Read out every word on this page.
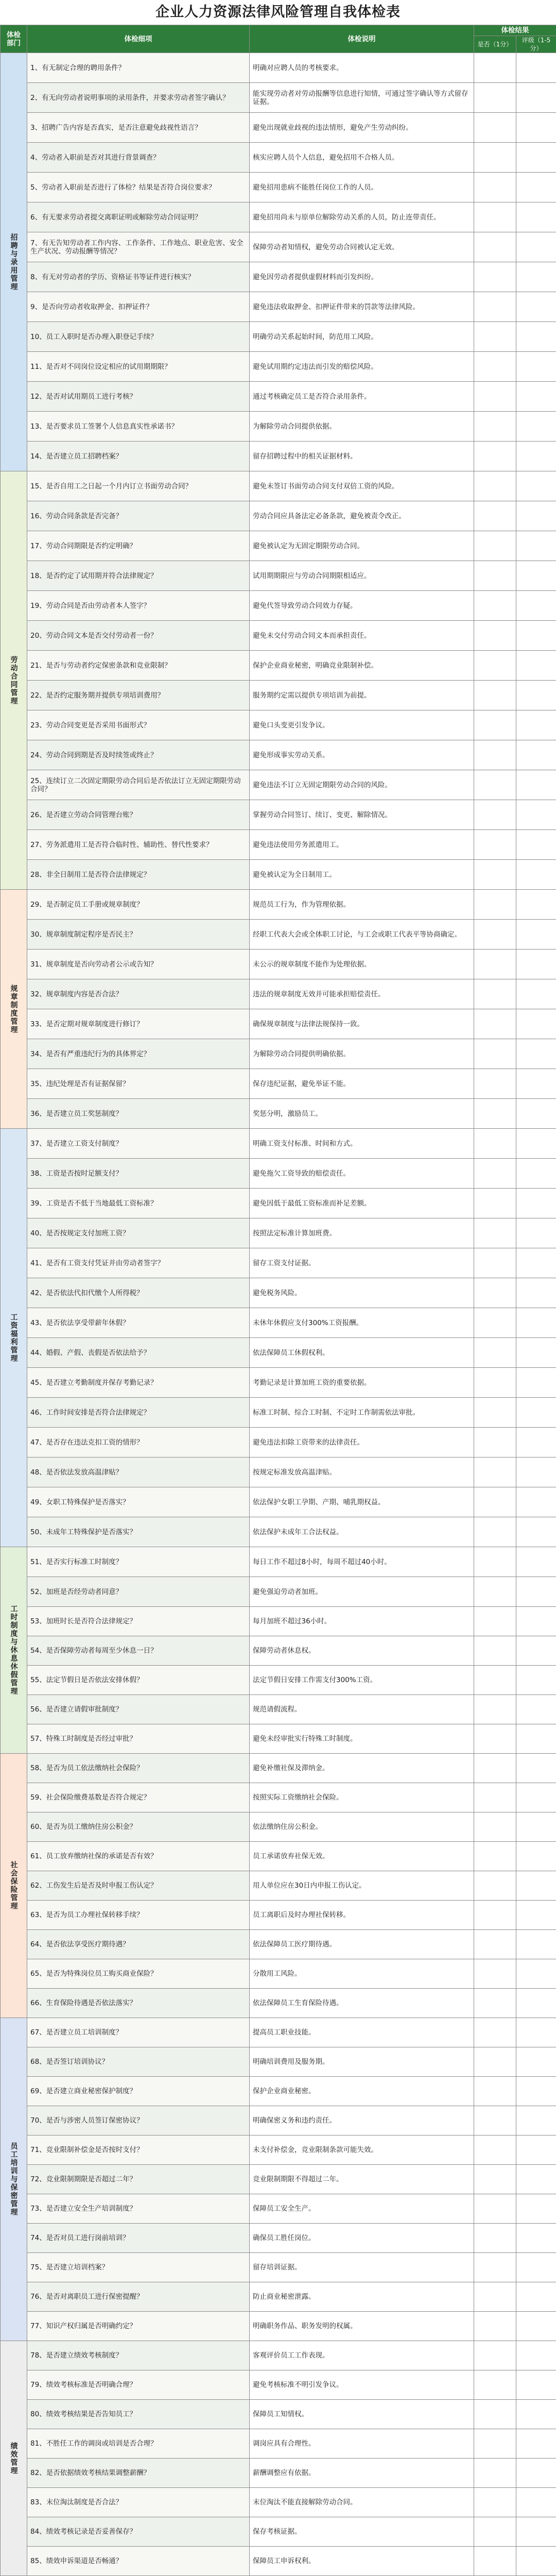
企业人力资源法律风险管理自我体检表
体检部门	体检细项	体检说明	体检结果	
			是否（1分）	评级（1-5分）
招聘与录用管理	1、有无制定合理的聘用条件？	明确对应聘人员的考核要求。		
	2、有无向劳动者说明事项的录用条件，并要求劳动者签字确认？	能实现劳动者对劳动报酬等信息进行知情，可通过签字确认等方式留存证据。		
	3、招聘广告内容是否真实，是否注意避免歧视性语言？	避免出现就业歧视的违法情形，避免产生劳动纠纷。		
	4、劳动者入职前是否对其进行背景调查？	核实应聘人员个人信息，避免招用不合格人员。		
	5、劳动者入职前是否进行了体检？结果是否符合岗位要求？	避免招用患病不能胜任岗位工作的人员。		
	6、有无要求劳动者提交离职证明或解除劳动合同证明？	避免招用尚未与原单位解除劳动关系的人员，防止连带责任。		
	7、有无告知劳动者工作内容、工作条件、工作地点、职业危害、安全生产状况、劳动报酬等情况？	保障劳动者知情权，避免劳动合同被认定无效。		
	8、有无对劳动者的学历、资格证书等证件进行核实？	避免因劳动者提供虚假材料而引发纠纷。		
	9、是否向劳动者收取押金、扣押证件？	避免违法收取押金、扣押证件带来的罚款等法律风险。		
	10、员工入职时是否办理入职登记手续？	明确劳动关系起始时间，防范用工风险。		
	11、是否对不同岗位设定相应的试用期期限？	避免试用期约定违法而引发的赔偿风险。		
	12、是否对试用期员工进行考核？	通过考核确定员工是否符合录用条件。		
	13、是否要求员工签署个人信息真实性承诺书？	为解除劳动合同提供依据。		
	14、是否建立员工招聘档案？	留存招聘过程中的相关证据材料。		
劳动合同管理	15、是否自用工之日起一个月内订立书面劳动合同？	避免未签订书面劳动合同支付双倍工资的风险。		
	16、劳动合同条款是否完备？	劳动合同应具备法定必备条款，避免被责令改正。		
	17、劳动合同期限是否约定明确？	避免被认定为无固定期限劳动合同。		
	18、是否约定了试用期并符合法律规定？	试用期期限应与劳动合同期限相适应。		
	19、劳动合同是否由劳动者本人签字？	避免代签导致劳动合同效力存疑。		
	20、劳动合同文本是否交付劳动者一份？	避免未交付劳动合同文本而承担责任。		
	21、是否与劳动者约定保密条款和竞业限制？	保护企业商业秘密，明确竞业限制补偿。		
	22、是否约定服务期并提供专项培训费用？	服务期约定需以提供专项培训为前提。		
	23、劳动合同变更是否采用书面形式？	避免口头变更引发争议。		
	24、劳动合同到期是否及时续签或终止？	避免形成事实劳动关系。		
	25、连续订立二次固定期限劳动合同后是否依法订立无固定期限劳动合同？	避免违法不订立无固定期限劳动合同的风险。		
	26、是否建立劳动合同管理台账？	掌握劳动合同签订、续订、变更、解除情况。		
	27、劳务派遣用工是否符合临时性、辅助性、替代性要求？	避免违法使用劳务派遣用工。		
	28、非全日制用工是否符合法律规定？	避免被认定为全日制用工。		
规章制度管理	29、是否制定员工手册或规章制度？	规范员工行为，作为管理依据。		
	30、规章制度制定程序是否民主？	经职工代表大会或全体职工讨论，与工会或职工代表平等协商确定。		
	31、规章制度是否向劳动者公示或告知？	未公示的规章制度不能作为处理依据。		
	32、规章制度内容是否合法？	违法的规章制度无效并可能承担赔偿责任。		
	33、是否定期对规章制度进行修订？	确保规章制度与法律法规保持一致。		
	34、是否有严重违纪行为的具体界定？	为解除劳动合同提供明确依据。		
	35、违纪处理是否有证据保留？	保存违纪证据，避免举证不能。		
	36、是否建立员工奖惩制度？	奖惩分明，激励员工。		
工资福利管理	37、是否建立工资支付制度？	明确工资支付标准、时间和方式。		
	38、工资是否按时足额支付？	避免拖欠工资导致的赔偿责任。		
	39、工资是否不低于当地最低工资标准？	避免因低于最低工资标准而补足差额。		
	40、是否按规定支付加班工资？	按照法定标准计算加班费。		
	41、是否有工资支付凭证并由劳动者签字？	留存工资支付证据。		
	42、是否依法代扣代缴个人所得税？	避免税务风险。		
	43、是否依法享受带薪年休假？	未休年休假应支付300%工资报酬。		
	44、婚假、产假、丧假是否依法给予？	依法保障员工休假权利。		
	45、是否建立考勤制度并保存考勤记录？	考勤记录是计算加班工资的重要依据。		
	46、工作时间安排是否符合法律规定？	标准工时制、综合工时制、不定时工作制需依法审批。		
	47、是否存在违法克扣工资的情形？	避免违法扣除工资带来的法律责任。		
	48、是否依法发放高温津贴？	按规定标准发放高温津贴。		
	49、女职工特殊保护是否落实？	依法保护女职工孕期、产期、哺乳期权益。		
	50、未成年工特殊保护是否落实？	依法保护未成年工合法权益。		
工时制度与休息休假管理	51、是否实行标准工时制度？	每日工作不超过8小时，每周不超过40小时。		
	52、加班是否经劳动者同意？	避免强迫劳动者加班。		
	53、加班时长是否符合法律规定？	每月加班不超过36小时。		
	54、是否保障劳动者每周至少休息一日？	保障劳动者休息权。		
	55、法定节假日是否依法安排休假？	法定节假日安排工作需支付300%工资。		
	56、是否建立请假审批制度？	规范请假流程。		
	57、特殊工时制度是否经过审批？	避免未经审批实行特殊工时制度。		
社会保险管理	58、是否为员工依法缴纳社会保险？	避免补缴社保及滞纳金。		
	59、社会保险缴费基数是否符合规定？	按照实际工资缴纳社会保险。		
	60、是否为员工缴纳住房公积金？	依法缴纳住房公积金。		
	61、员工放弃缴纳社保的承诺是否有效？	员工承诺放弃社保无效。		
	62、工伤发生后是否及时申报工伤认定？	用人单位应在30日内申报工伤认定。		
	63、是否为员工办理社保转移手续？	员工离职后及时办理社保转移。		
	64、是否依法享受医疗期待遇？	依法保障员工医疗期待遇。		
	65、是否为特殊岗位员工购买商业保险？	分散用工风险。		
	66、生育保险待遇是否依法落实？	依法保障员工生育保险待遇。		
员工培训与保密管理	67、是否建立员工培训制度？	提高员工职业技能。		
	68、是否签订培训协议？	明确培训费用及服务期。		
	69、是否建立商业秘密保护制度？	保护企业商业秘密。		
	70、是否与涉密人员签订保密协议？	明确保密义务和违约责任。		
	71、竞业限制补偿金是否按时支付？	未支付补偿金，竞业限制条款可能失效。		
	72、竞业限制期限是否超过二年？	竞业限制期限不得超过二年。		
	73、是否建立安全生产培训制度？	保障员工安全生产。		
	74、是否对员工进行岗前培训？	确保员工胜任岗位。		
	75、是否建立培训档案？	留存培训证据。		
	76、是否对离职员工进行保密提醒？	防止商业秘密泄露。		
	77、知识产权归属是否明确约定？	明确职务作品、职务发明的权属。		
绩效管理	78、是否建立绩效考核制度？	客观评价员工工作表现。		
	79、绩效考核标准是否明确合理？	避免考核标准不明引发争议。		
	80、绩效考核结果是否告知员工？	保障员工知情权。		
	81、不胜任工作的调岗或培训是否合理？	调岗应具有合理性。		
	82、是否依据绩效考核结果调整薪酬？	薪酬调整应有依据。		
	83、末位淘汰制度是否合法？	末位淘汰不能直接解除劳动合同。		
	84、绩效考核记录是否妥善保存？	保存考核证据。		
	85、绩效申诉渠道是否畅通？	保障员工申诉权利。		
